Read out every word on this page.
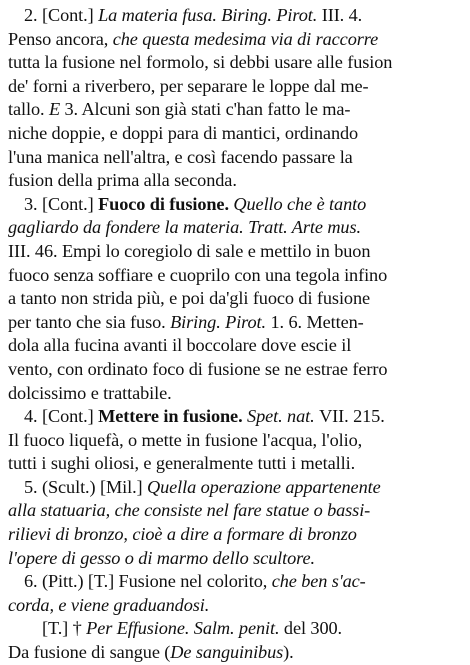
2. [Cont.] La materia fusa. Biring. Pirot. III. 4.
Penso ancora, che questa medesima via di raccorre
tutta la fusione nel formolo, si debbi usare alle fusion
de' forni a riverbero, per separare le loppe dal me-
tallo. E 3. Alcuni son già stati c'han fatto le ma-
niche doppie, e doppi para di mantici, ordinando
l'una manica nell'altra, e così facendo passare la
fusion della prima alla seconda.
3. [Cont.] Fuoco di fusione. Quello che è tanto
gagliardo da fondere la materia. Tratt. Arte mus.
III. 46. Empi lo coregiolo di sale e mettilo in buon
fuoco senza soffiare e cuoprilo con una tegola infino
a tanto non strida più, e poi da'gli fuoco di fusione
per tanto che sia fuso. Biring. Pirot. 1. 6. Metten-
dola alla fucina avanti il boccolare dove escie il
vento, con ordinato foco di fusione se ne estrae ferro
dolcissimo e trattabile.
4. [Cont.] Mettere in fusione. Spet. nat. VII. 215.
Il fuoco liquefà, o mette in fusione l'acqua, l'olio,
tutti i sughi oliosi, e generalmente tutti i metalli.
5. (Scult.) [Mil.] Quella operazione appartenente
alla statuaria, che consiste nel fare statue o bassi-
rilievi di bronzo, cioè a dire a formare di bronzo
l'opere di gesso o di marmo dello scultore.
6. (Pitt.) [T.] Fusione nel colorito, che ben s'ac-
corda, e viene graduandosi.
[T.] † Per Effusione. Salm. penit. del 300.
Da fusione di sangue (De sanguinibus).
